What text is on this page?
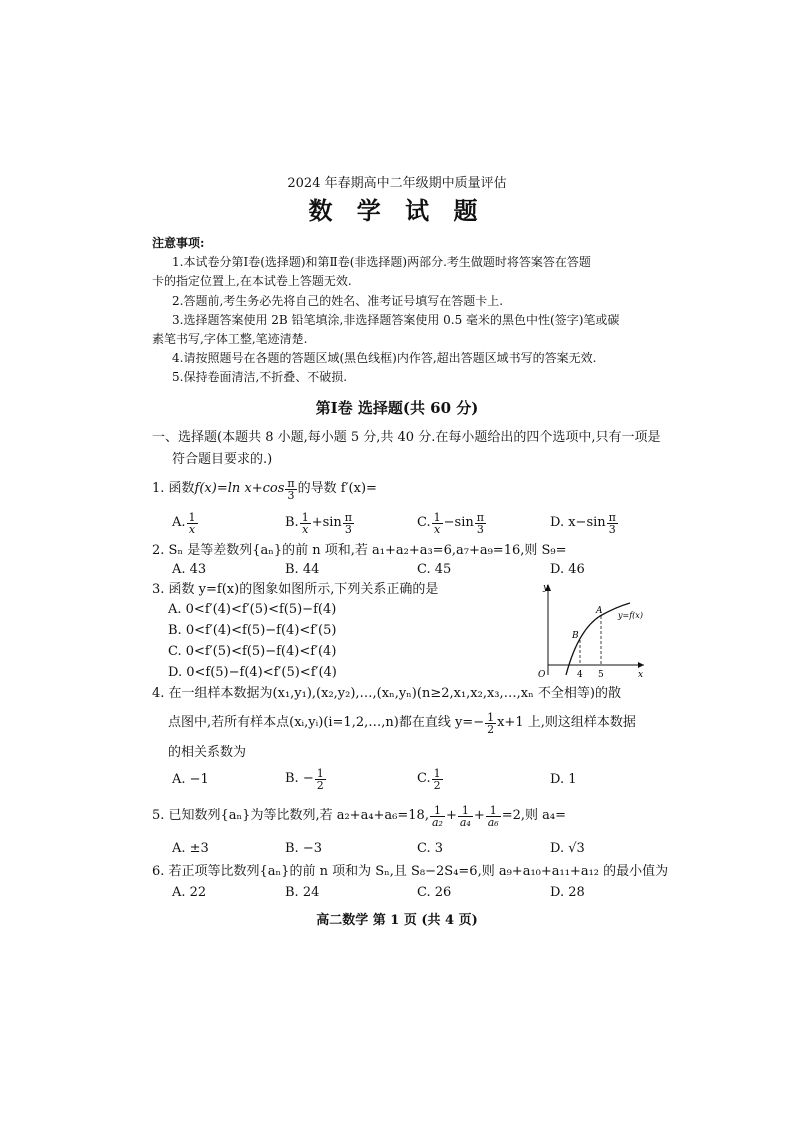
2024 年春期高中二年级期中质量评估
数 学 试 题
注意事项:
1.本试卷分第Ⅰ卷(选择题)和第Ⅱ卷(非选择题)两部分.考生做题时将答案答在答题
卡的指定位置上,在本试卷上答题无效.
2.答题前,考生务必先将自己的姓名、准考证号填写在答题卡上.
3.选择题答案使用 2B 铅笔填涂,非选择题答案使用 0.5 毫米的黑色中性(签字)笔或碳
素笔书写,字体工整,笔迹清楚.
4.请按照题号在各题的答题区域(黑色线框)内作答,超出答题区域书写的答案无效.
5.保持卷面清洁,不折叠、不破损.
第Ⅰ卷 选择题(共 60 分)
一、选择题(本题共 8 小题,每小题 5 分,共 40 分.在每小题给出的四个选项中,只有一项是
符合题目要求的.)
1. 函数 f(x)=ln $x+\cos \frac{\pi}{3}$ 的导数 f′(x)=
A. $\frac{1}{x}$	B. $\frac{1}{x} +\sin \frac{\pi}{3}$	C. $\frac{1}{x} -\sin \frac{\pi}{3}$	D. $x-\sin \frac{\pi}{3}$
2. Sₙ 是等差数列{aₙ}的前 n 项和,若 a₁+a₂+a₃=6,a₇+a₉=16,则 S₉=
A. 43	B. 44	C. 45	D. 46
3. 函数 y=f(x)的图象如图所示,下列关系正确的是
A. 0<f′(4)<f′(5)<f(5)−f(4)
B. 0<f′(4)<f(5)−f(4)<f′(5)
C. 0<f′(5)<f(5)−f(4)<f′(4)
D. 0<f(5)−f(4)<f′(5)<f′(4)
y
x
O	4 5
A
B
y=f(x)
4. 在一组样本数据为(x₁,y₁),(x₂,y₂),…,(xₙ,yₙ)(n≥2,x₁,x₂,x₃,…,xₙ 不全相等)的散
点图中,若所有样本点(xᵢ,yᵢ)(i=1,2,…,n)都在直线 $y=- \frac{1}{2} x+1$ 上,则这组样本数据
的相关系数为
A. −1	B. − $\frac{1}{2}$	C. $\frac{1}{2}$	D. 1
5. 已知数列{aₙ}为等比数列,若 a₂+a₄+a₆=18, $\frac{1}{\text{a₂}} + \frac{1}{\text{a₄}} + \frac{1}{\text{a₆}} =2$,则 a₄=
A. ±3	B. −3	C. 3	D. √3
6. 若正项等比数列{aₙ}的前 n 项和为 Sₙ,且 S₈−2S₄=6,则 a₉+a₁₀+a₁₁+a₁₂ 的最小值为
A. 22	B. 24	C. 26	D. 28
高二数学 第 1 页 (共 4 页)
